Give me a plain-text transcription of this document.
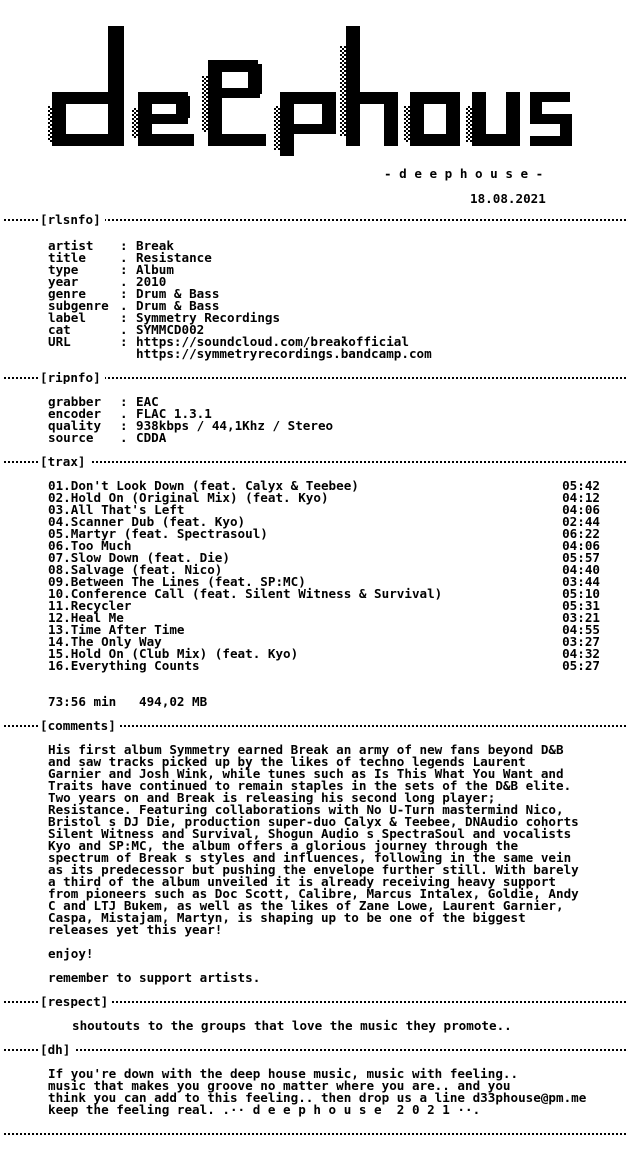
- d e e p h o u s e -
18.08.2021

[rlsnfo]

artist : Break
title	. Resistance
type	: Album
year	. 2010
genre	: Drum & Bass
subgenre . Drum & Bass
label	: Symmetry Recordings
cat	. SYMMCD002
URL	: https://soundcloud.com/breakofficial
https://symmetryrecordings.bandcamp.com

[ripnfo]

grabber : EAC
encoder . FLAC 1.3.1
quality : 938kbps / 44,1Khz / Stereo
source . CDDA

[trax]

01.Don't Look Down (feat. Calyx & Teebee)	05:42
02.Hold On (Original Mix) (feat. Kyo)	04:12
03.All That's Left	04:06
04.Scanner Dub (feat. Kyo)	02:44
05.Martyr (feat. Spectrasoul)	06:22
06.Too Much	04:06
07.Slow Down (feat. Die)	05:57
08.Salvage (feat. Nico)	04:40
09.Between The Lines (feat. SP:MC)	03:44
10.Conference Call (feat. Silent Witness & Survival)	05:10
11.Recycler	05:31
12.Heal Me	03:21
13.Time After Time	04:55
14.The Only Way	03:27
15.Hold On (Club Mix) (feat. Kyo)	04:32
16.Everything Counts	05:27
73:56 min   494,02 MB

[comments]

His first album Symmetry earned Break an army of new fans beyond D&B
and saw tracks picked up by the likes of techno legends Laurent
Garnier and Josh Wink, while tunes such as Is This What You Want and
Traits have continued to remain staples in the sets of the D&B elite.
Two years on and Break is releasing his second long player;
Resistance. Featuring collaborations with No U-Turn mastermind Nico,
Bristol s DJ Die, production super-duo Calyx & Teebee, DNAudio cohorts
Silent Witness and Survival, Shogun Audio s SpectraSoul and vocalists
Kyo and SP:MC, the album offers a glorious journey through the
spectrum of Break s styles and influences, following in the same vein
as its predecessor but pushing the envelope further still. With barely
a third of the album unveiled it is already receiving heavy support
from pioneers such as Doc Scott, Calibre, Marcus Intalex, Goldie, Andy
C and LTJ Bukem, as well as the likes of Zane Lowe, Laurent Garnier,
Caspa, Mistajam, Martyn, is shaping up to be one of the biggest
releases yet this year!
enjoy!
remember to support artists.

[respect]

shoutouts to the groups that love the music they promote..

[dh]

If you're down with the deep house music, music with feeling..
music that makes you groove no matter where you are.. and you
think you can add to this feeling.. then drop us a line d33phouse@pm.me
keep the feeling real. .·· d e e p h o u s e  2 0 2 1 ··.
